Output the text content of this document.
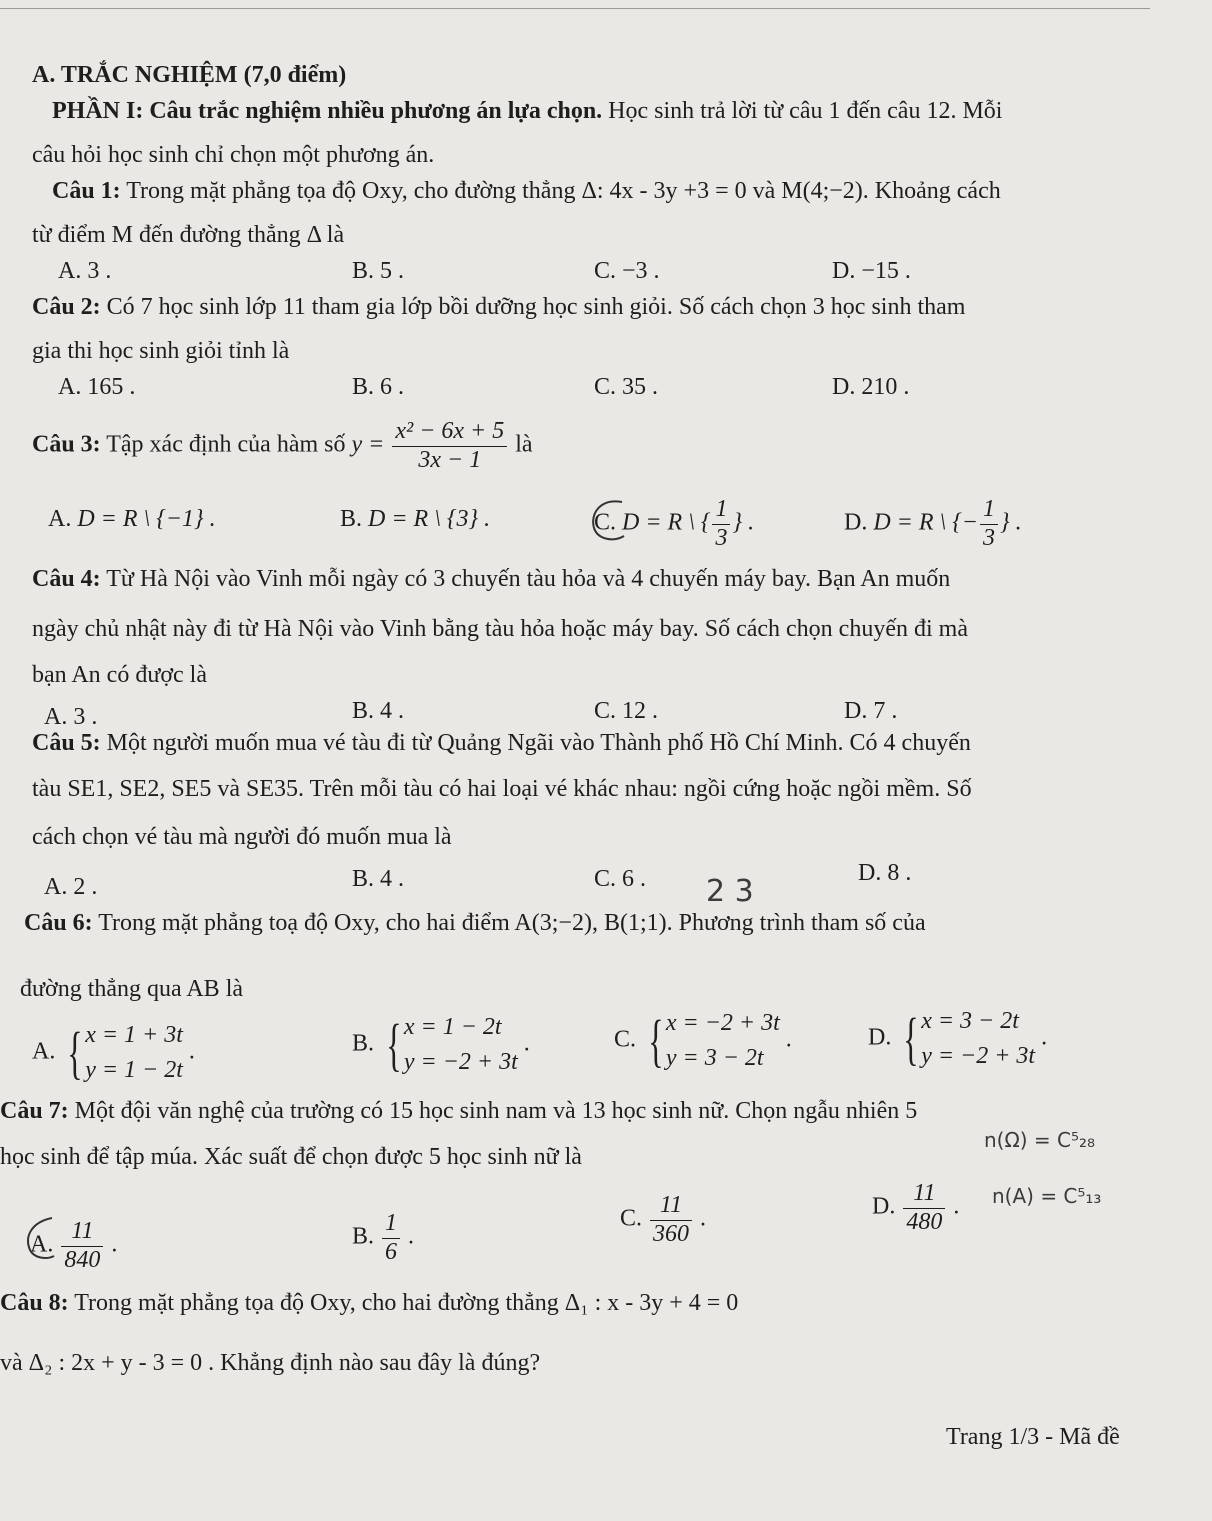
A. TRẮC NGHIỆM (7,0 điểm)
PHẦN I: Câu trắc nghiệm nhiều phương án lựa chọn. Học sinh trả lời từ câu 1 đến câu 12. Mỗi
câu hỏi học sinh chỉ chọn một phương án.
Câu 1: Trong mặt phẳng tọa độ Oxy, cho đường thẳng Δ: 4x - 3y +3 = 0 và M(4;−2). Khoảng cách
từ điểm M đến đường thẳng Δ là
A. 3 .	B. 5 .	C. −3 .	D. −15 .
Câu 2: Có 7 học sinh lớp 11 tham gia lớp bồi dưỡng học sinh giỏi. Số cách chọn 3 học sinh tham
gia thi học sinh giỏi tỉnh là
A. 165 .	B. 6 .	C. 35 .	D. 210 .
Câu 3: Tập xác định của hàm số $y = \frac{\text{x² − 6x + 5}}{3x - 1}$ là
A. D = R \ {−1} .	B. D = R \ {3} .	C. D = R \ { $\frac{1}{3}$ } .	D. D = R \ {− $\frac{1}{3}$ } .
Câu 4: Từ Hà Nội vào Vinh mỗi ngày có 3 chuyến tàu hỏa và 4 chuyến máy bay. Bạn An muốn
ngày chủ nhật này đi từ Hà Nội vào Vinh bằng tàu hỏa hoặc máy bay. Số cách chọn chuyến đi mà
bạn An có được là
A. 3 .	B. 4 .	C. 12 .	D. 7 .
Câu 5: Một người muốn mua vé tàu đi từ Quảng Ngãi vào Thành phố Hồ Chí Minh. Có 4 chuyến
tàu SE1, SE2, SE5 và SE35. Trên mỗi tàu có hai loại vé khác nhau: ngồi cứng hoặc ngồi mềm. Số
cách chọn vé tàu mà người đó muốn mua là
A. 2 .	B. 4 .	C. 6 .	D. 8 .
Câu 6: Trong mặt phẳng toạ độ Oxy, cho hai điểm A(3;−2), B(1;1). Phương trình tham số của
2 3
đường thẳng qua AB là
A. { x = 1 + 3t
y = 1 − 2t
.	B. { x = 1 − 2t
y = −2 + 3t
.	C. { x = −2 + 3t
y = 3 − 2t
.	D. { x = 3 − 2t
y = −2 + 3t
.
Câu 7: Một đội văn nghệ của trường có 15 học sinh nam và 13 học sinh nữ. Chọn ngẫu nhiên 5
học sinh để tập múa. Xác suất để chọn được 5 học sinh nữ là
n(Ω) = C⁵₂₈
n(A) = C⁵₁₃
A. $\frac{11}{840}$ .	B. $\frac{1}{6}$ .
C. $\frac{11}{360}$ .	D. $\frac{11}{480}$ .
Câu 8: Trong mặt phẳng tọa độ Oxy, cho hai đường thẳng Δ₁ : x - 3y + 4 = 0
và Δ₂ : 2x + y - 3 = 0 . Khẳng định nào sau đây là đúng?
Trang 1/3 - Mã đề
